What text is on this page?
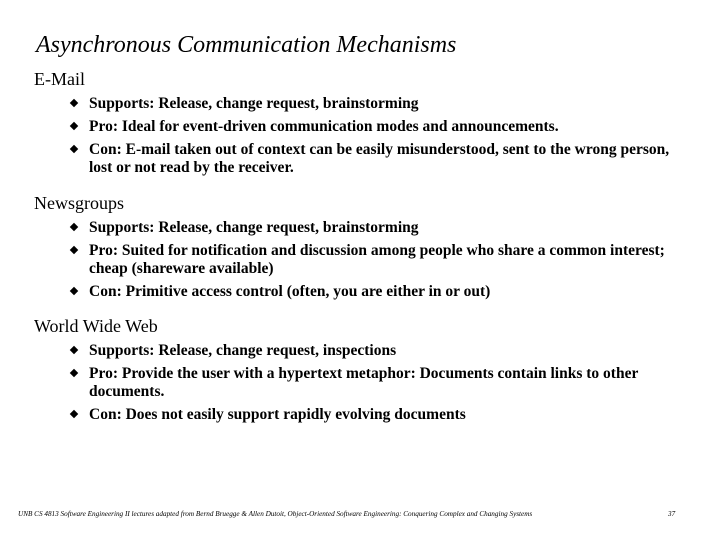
Asynchronous Communication Mechanisms
E-Mail
Supports: Release, change request, brainstorming
Pro: Ideal for event-driven communication modes and announcements.
Con: E-mail taken out of context can be easily misunderstood, sent to the wrong person, lost or not read by the receiver.
Newsgroups
Supports: Release, change request, brainstorming
Pro: Suited for notification and discussion among people who share a common interest; cheap (shareware available)
Con: Primitive access control (often, you are either in or out)
World Wide Web
Supports: Release, change request, inspections
Pro: Provide the user with a hypertext metaphor: Documents contain links to other documents.
Con: Does not easily support rapidly evolving documents
UNB CS 4813 Software Engineering II lectures adapted from Bernd Bruegge & Allen Dutoit, Object-Oriented Software Engineering: Conquering Complex and Changing Systems	37
